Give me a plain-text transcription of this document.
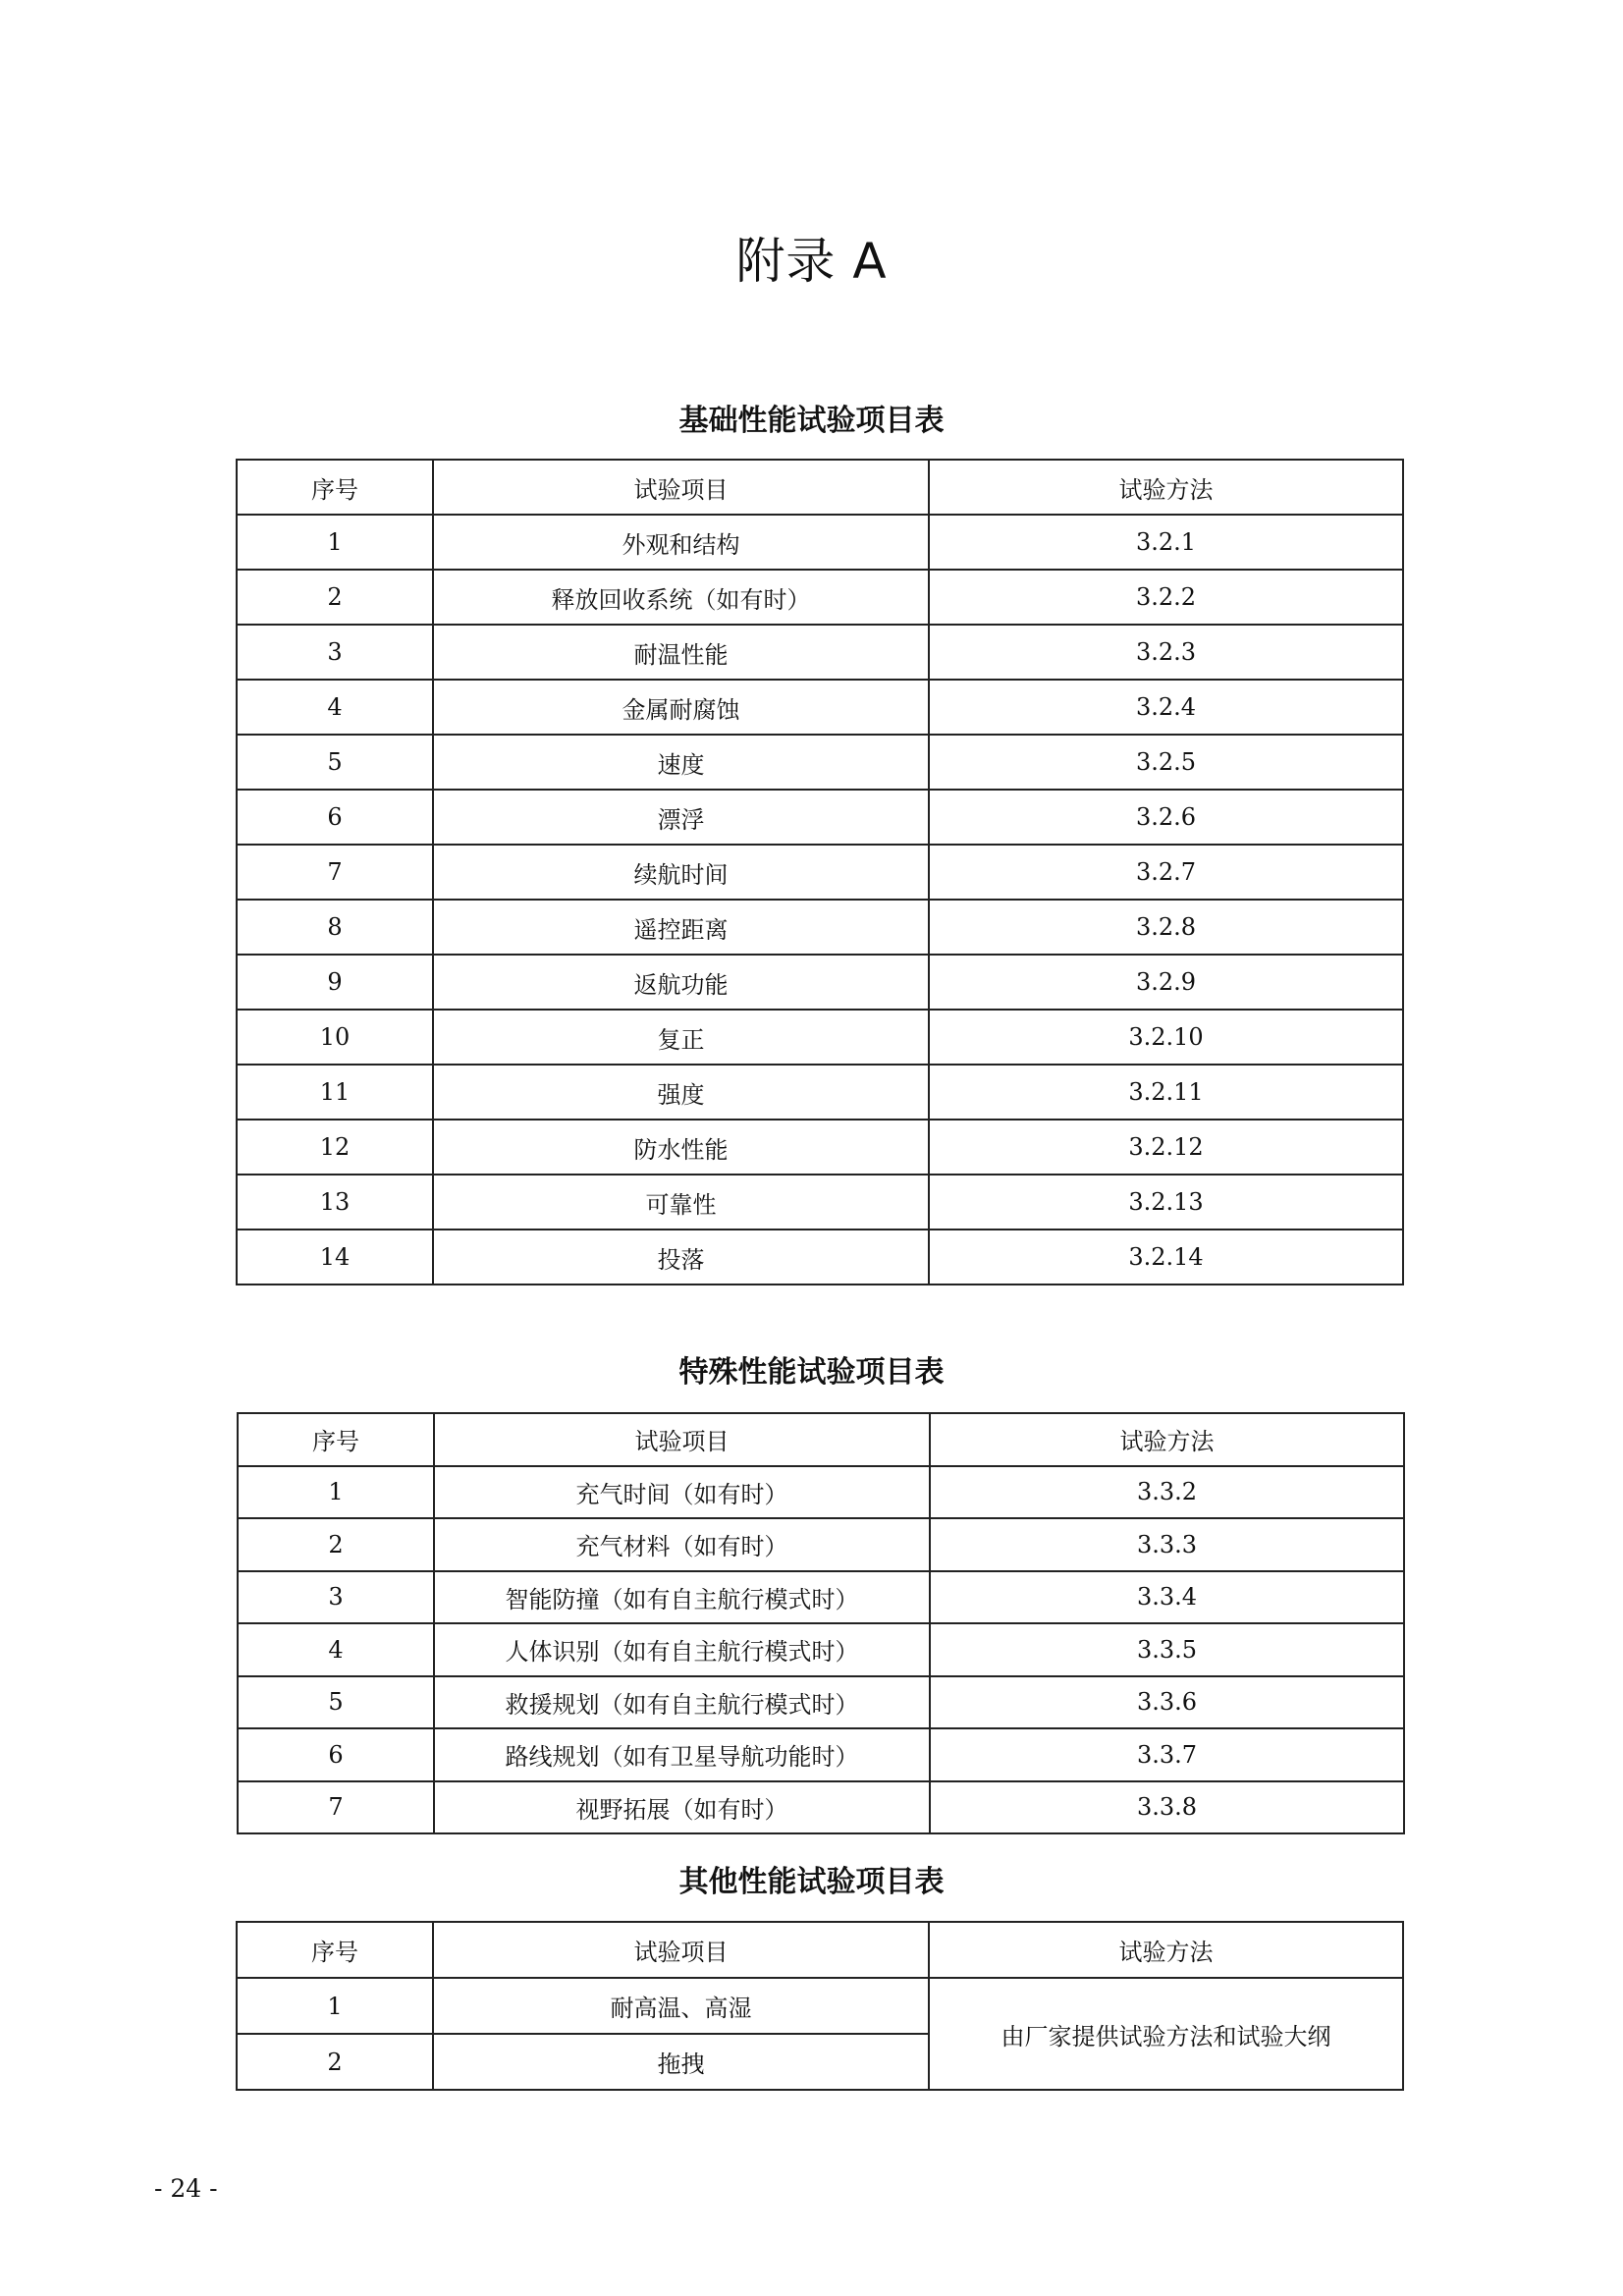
附录 A
基础性能试验项目表
序号	试验项目	试验方法
1	外观和结构	3.2.1
2	释放回收系统（如有时）	3.2.2
3	耐温性能	3.2.3
4	金属耐腐蚀	3.2.4
5	速度	3.2.5
6	漂浮	3.2.6
7	续航时间	3.2.7
8	遥控距离	3.2.8
9	返航功能	3.2.9
10	复正	3.2.10
11	强度	3.2.11
12	防水性能	3.2.12
13	可靠性	3.2.13
14	投落	3.2.14
特殊性能试验项目表
序号	试验项目	试验方法
1	充气时间（如有时）	3.3.2
2	充气材料（如有时）	3.3.3
3	智能防撞（如有自主航行模式时）	3.3.4
4	人体识别（如有自主航行模式时）	3.3.5
5	救援规划（如有自主航行模式时）	3.3.6
6	路线规划（如有卫星导航功能时）	3.3.7
7	视野拓展（如有时）	3.3.8
其他性能试验项目表
序号	试验项目	试验方法
1	耐高温、高湿	由厂家提供试验方法和试验大纲
2	拖拽	
- 24 -
